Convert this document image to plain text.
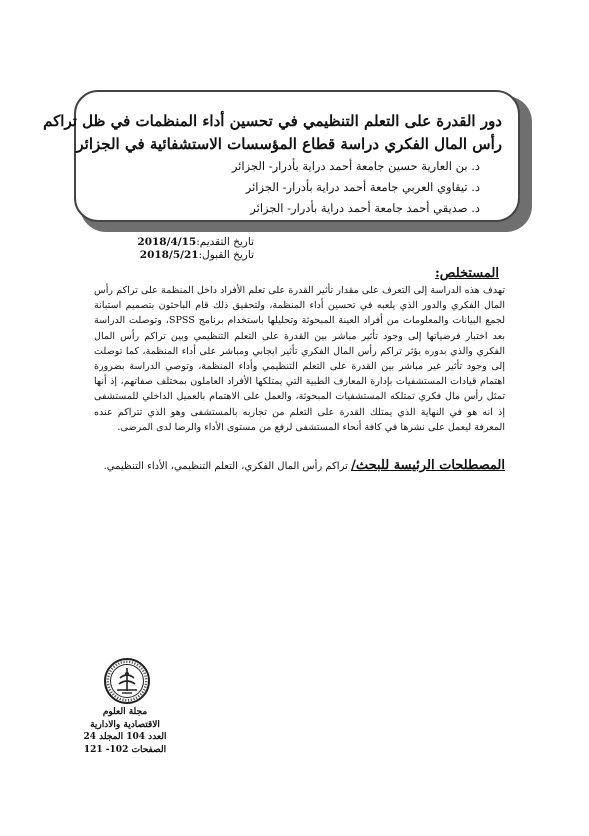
دور القدرة على التعلم التنظيمي في تحسين أداء المنظمات في ظل تراكم
رأس المال الفكري دراسة قطاع المؤسسات الاستشفائية في الجزائر
د. بن العارية حسين جامعة أحمد دراية بأدرار- الجزائر
د. تيقاوي العربي جامعة أحمد دراية بأدرار- الجزائر
د. صديقي أحمد جامعة أحمد دراية بأدرار- الجزائر
تاريخ التقديم:2018/4/15
تاريخ القبول:2018/5/21
المستخلص:

تهدف هذه الدراسة إلى التعرف على مقدار تأثير القدرة على تعلم الأفراد داخل المنظمة على تراكم رأس المال الفكري والدور الذي يلعبه في تحسين أداء المنظمة، ولتحقيق ذلك قام الباحثون بتصميم استبانة لجمع البيانات والمعلومات من أفراد العينة المبحوثة وتحليلها باستخدام برنامج SPSS، وتوصلت الدراسة بعد اختبار فرضياتها إلى وجود تأثير مباشر بين القدرة على التعلم التنظيمي وبين تراكم رأس المال الفكري والذي بدوره يؤثر تراكم رأس المال الفكري تأثير ايجابي ومباشر على أداء المنظمة، كما توصلت إلى وجود تأثير غير مباشر بين القدرة على التعلم التنظيمي وأداء المنظمة، وتوصي الدراسة بضرورة اهتمام قيادات المستشفيات بإدارة المعارف الطبية التي يمتلكها الأفراد العاملون بمختلف صفاتهم، إذ أنها تمثل رأس مال فكري تمتلكه المستشفيات المبحوثة، والعمل على الاهتمام بالعميل الداخلي للمستشفى إذ انه هو في النهاية الذي يمتلك القدرة على التعلم من تجاربه بالمستشفى وهو الذي تتراكم عنده المعرفة ليعمل على نشرها في كافة أنحاء المستشفى لرفع من مستوى الأداء والرضا لدى المرضى.

المصطلحات الرئيسة للبحث/ تراكم رأس المال الفكري، التعلم التنظيمي، الأداء التنظيمي.
مجلة العلوم
الاقتصادية والادارية
العدد 104 المجلد 24
الصفحات 102- 121
